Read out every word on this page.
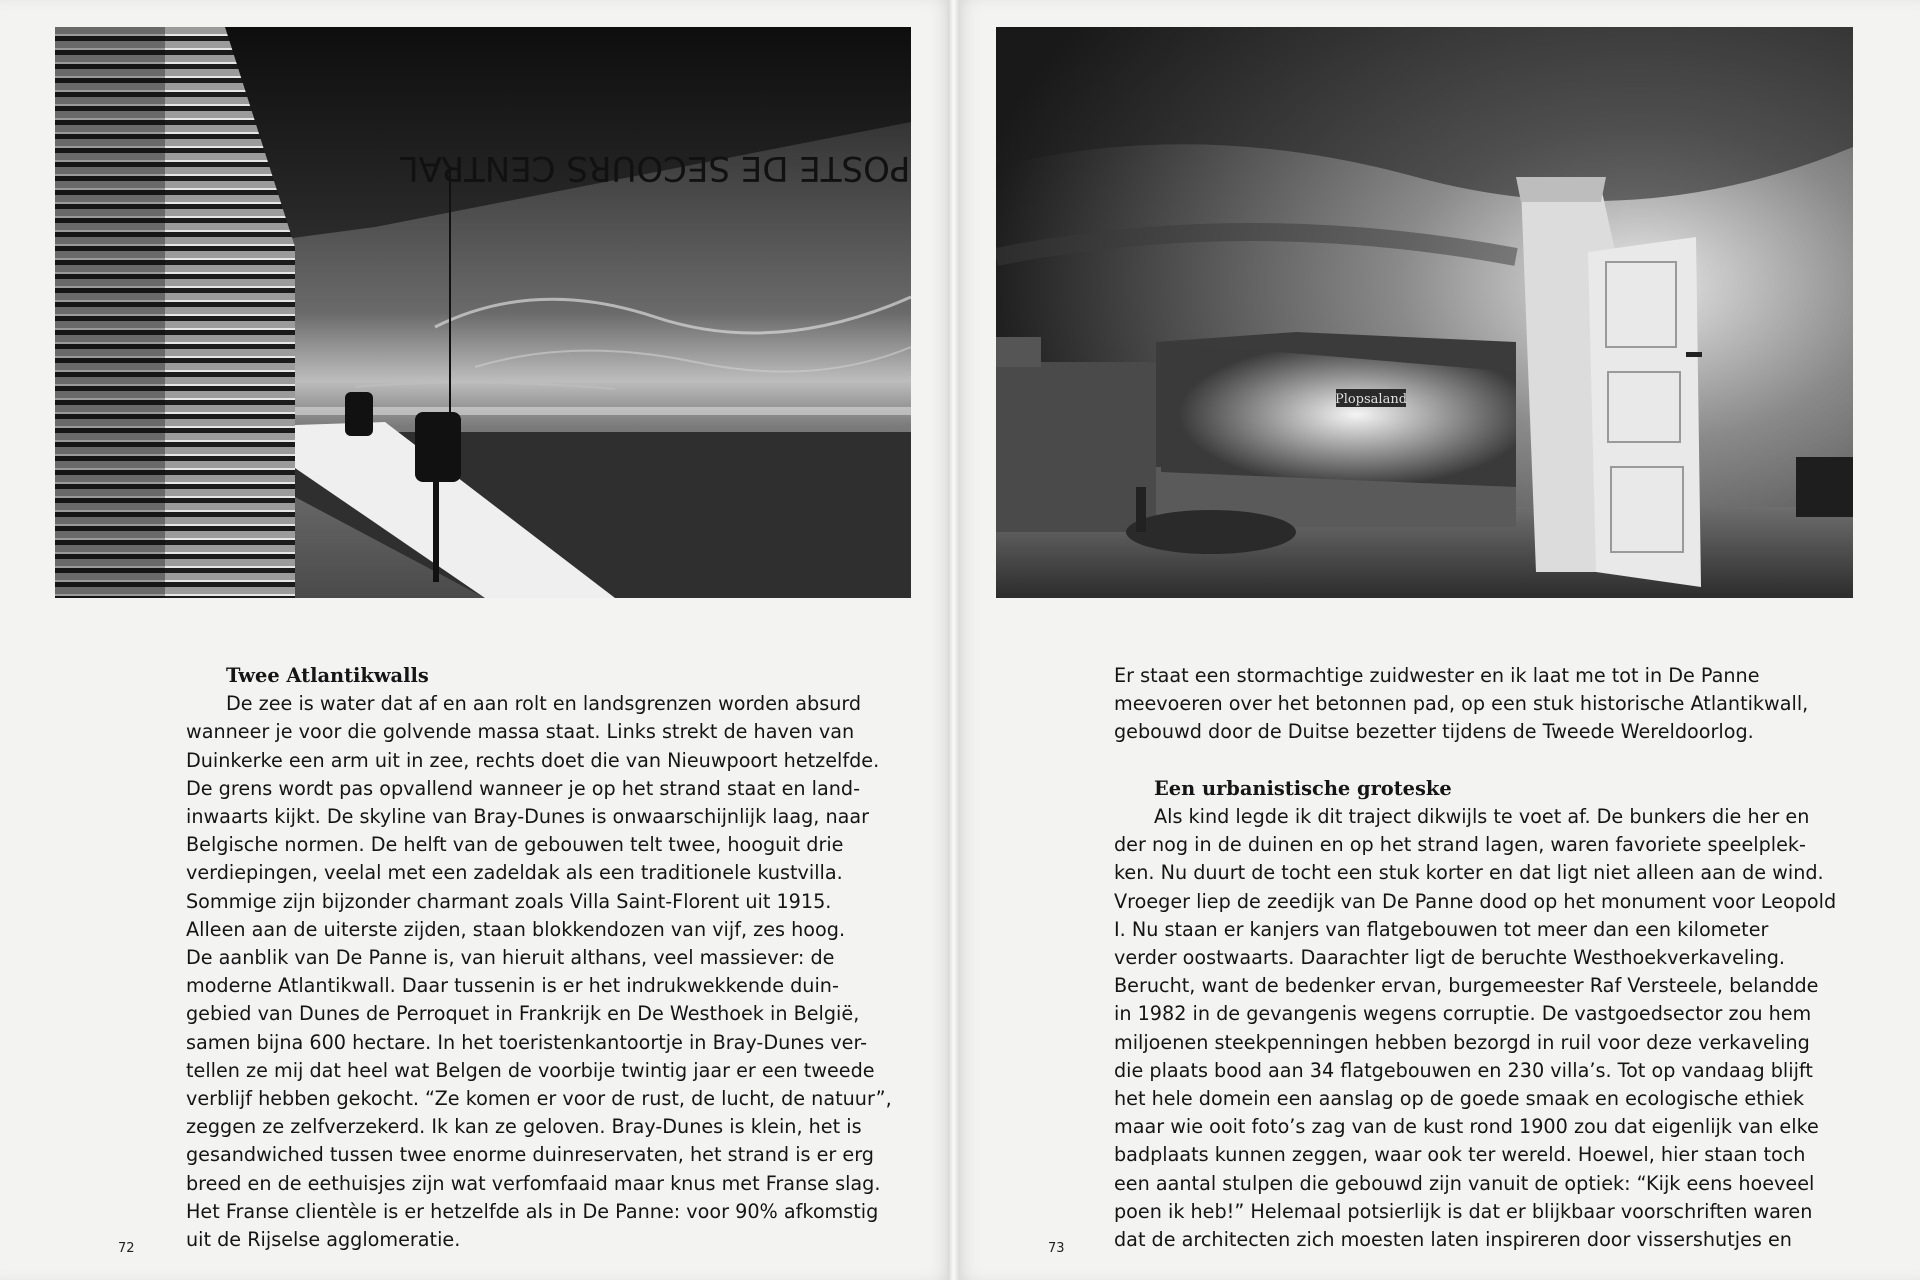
POSTE DE SECOURS CENTRAL
Twee Atlantikwalls
De zee is water dat af en aan rolt en landsgrenzen worden absurd
wanneer je voor die golvende massa staat. Links strekt de haven van
Duinkerke een arm uit in zee, rechts doet die van Nieuwpoort hetzelfde.
De grens wordt pas opvallend wanneer je op het strand staat en land-
inwaarts kijkt. De skyline van Bray-Dunes is onwaarschijnlijk laag, naar
Belgische normen. De helft van de gebouwen telt twee, hooguit drie
verdiepingen, veelal met een zadeldak als een traditionele kustvilla.
Sommige zijn bijzonder charmant zoals Villa Saint-Florent uit 1915.
Alleen aan de uiterste zijden, staan blokkendozen van vijf, zes hoog.
De aanblik van De Panne is, van hieruit althans, veel massiever: de
moderne Atlantikwall. Daar tussenin is er het indrukwekkende duin-
gebied van Dunes de Perroquet in Frankrijk en De Westhoek in België,
samen bijna 600 hectare. In het toeristenkantoortje in Bray-Dunes ver-
tellen ze mij dat heel wat Belgen de voorbije twintig jaar er een tweede
verblijf hebben gekocht. “Ze komen er voor de rust, de lucht, de natuur”,
zeggen ze zelfverzekerd. Ik kan ze geloven. Bray-Dunes is klein, het is
gesandwiched tussen twee enorme duinreservaten, het strand is er erg
breed en de eethuisjes zijn wat verfomfaaid maar knus met Franse slag.
Het Franse clientèle is er hetzelfde als in De Panne: voor 90% afkomstig
uit de Rijselse agglomeratie.
72
Plopsaland
Er staat een stormachtige zuidwester en ik laat me tot in De Panne
meevoeren over het betonnen pad, op een stuk historische Atlantikwall,
gebouwd door de Duitse bezetter tijdens de Tweede Wereldoorlog.
Een urbanistische groteske
Als kind legde ik dit traject dikwijls te voet af. De bunkers die her en
der nog in de duinen en op het strand lagen, waren favoriete speelplek-
ken. Nu duurt de tocht een stuk korter en dat ligt niet alleen aan de wind.
Vroeger liep de zeedijk van De Panne dood op het monument voor Leopold
I. Nu staan er kanjers van flatgebouwen tot meer dan een kilometer
verder oostwaarts. Daarachter ligt de beruchte Westhoekverkaveling.
Berucht, want de bedenker ervan, burgemeester Raf Versteele, belandde
in 1982 in de gevangenis wegens corruptie. De vastgoedsector zou hem
miljoenen steekpenningen hebben bezorgd in ruil voor deze verkaveling
die plaats bood aan 34 flatgebouwen en 230 villa’s. Tot op vandaag blijft
het hele domein een aanslag op de goede smaak en ecologische ethiek
maar wie ooit foto’s zag van de kust rond 1900 zou dat eigenlijk van elke
badplaats kunnen zeggen, waar ook ter wereld. Hoewel, hier staan toch
een aantal stulpen die gebouwd zijn vanuit de optiek: “Kijk eens hoeveel
poen ik heb!” Helemaal potsierlijk is dat er blijkbaar voorschriften waren
dat de architecten zich moesten laten inspireren door vissershutjes en
73
